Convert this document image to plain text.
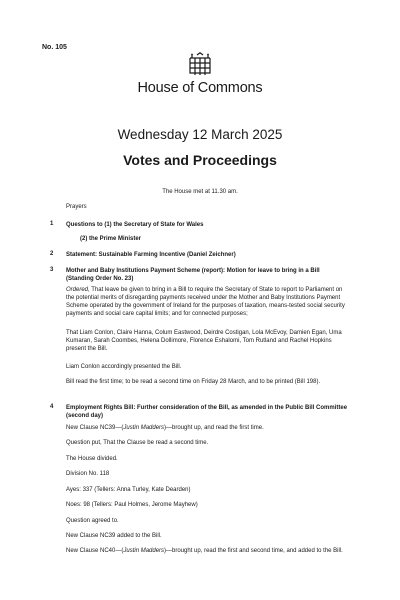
No. 105
House of Commons
Wednesday 12 March 2025
Votes and Proceedings
The House met at 11.30 am.
Prayers
1 Questions to (1) the Secretary of State for Wales
(2) the Prime Minister
2 Statement: Sustainable Farming Incentive (Daniel Zeichner)
3 Mother and Baby Institutions Payment Scheme (report): Motion for leave to bring in a Bill (Standing Order No. 23)
Ordered, That leave be given to bring in a Bill to require the Secretary of State to report to Parliament on the potential merits of disregarding payments received under the Mother and Baby Institutions Payment Scheme operated by the government of Ireland for the purposes of taxation, means-tested social security payments and social care capital limits; and for connected purposes;
That Liam Conlon, Claire Hanna, Colum Eastwood, Deirdre Costigan, Lola McEvoy, Damien Egan, Uma Kumaran, Sarah Coombes, Helena Dollimore, Florence Eshalomi, Tom Rutland and Rachel Hopkins present the Bill.
Liam Conlon accordingly presented the Bill.
Bill read the first time; to be read a second time on Friday 28 March, and to be printed (Bill 198).
4 Employment Rights Bill: Further consideration of the Bill, as amended in the Public Bill Committee (second day)
New Clause NC39—(Justin Madders)—brought up, and read the first time.
Question put, That the Clause be read a second time.
The House divided.
Division No. 118
Ayes: 337 (Tellers: Anna Turley, Kate Dearden)
Noes: 98 (Tellers: Paul Holmes, Jerome Mayhew)
Question agreed to.
New Clause NC39 added to the Bill.
New Clause NC40—(Justin Madders)—brought up, read the first and second time, and added to the Bill.
